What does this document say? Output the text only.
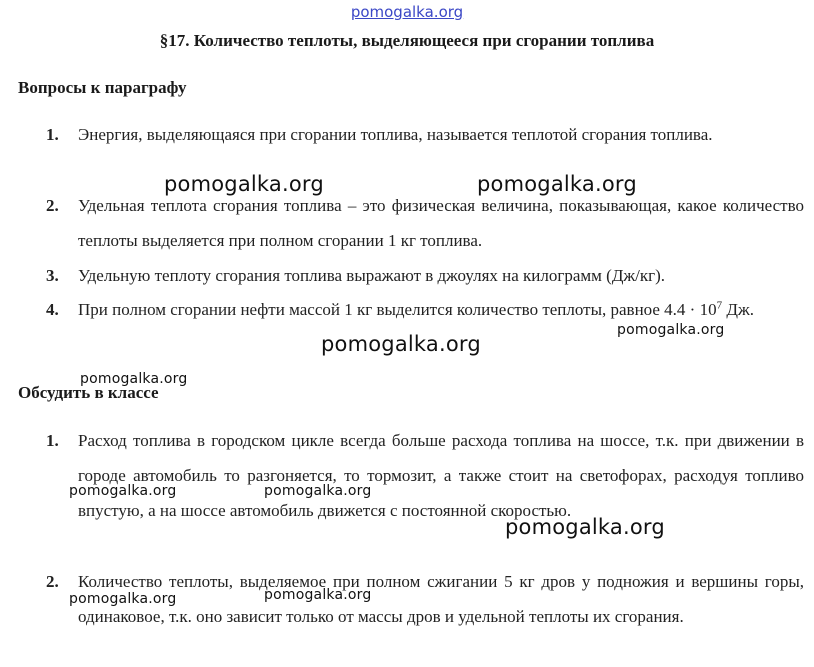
pomogalka.org
§17. Количество теплоты, выделяющееся при сгорании топлива
Вопросы к параграфу
1. Энергия, выделяющаяся при сгорании топлива, называется теплотой сгорания топлива.
2. Удельная теплота сгорания топлива – это физическая величина, показывающая, какое количество теплоты выделяется при полном сгорании 1 кг топлива.
3. Удельную теплоту сгорания топлива выражают в джоулях на килограмм (Дж/кг).
4. При полном сгорании нефти массой 1 кг выделится количество теплоты, равное $4.4 \cdot 10^7$ Дж.
Обсудить в классе
1. Расход топлива в городском цикле всегда больше расхода топлива на шоссе, т.к. при движении в городе автомобиль то разгоняется, то тормозит, а также стоит на светофорах, расходуя топливо впустую, а на шоссе автомобиль движется с постоянной скоростью.
2. Количество теплоты, выделяемое при полном сжигании 5 кг дров у подножия и вершины горы, одинаковое, т.к. оно зависит только от массы дров и удельной теплоты их сгорания.
pomogalka.org	pomogalka.org
pomogalka.org
pomogalka.org
pomogalka.org
pomogalka.org	pomogalka.org
pomogalka.org
pomogalka.org	pomogalka.org
